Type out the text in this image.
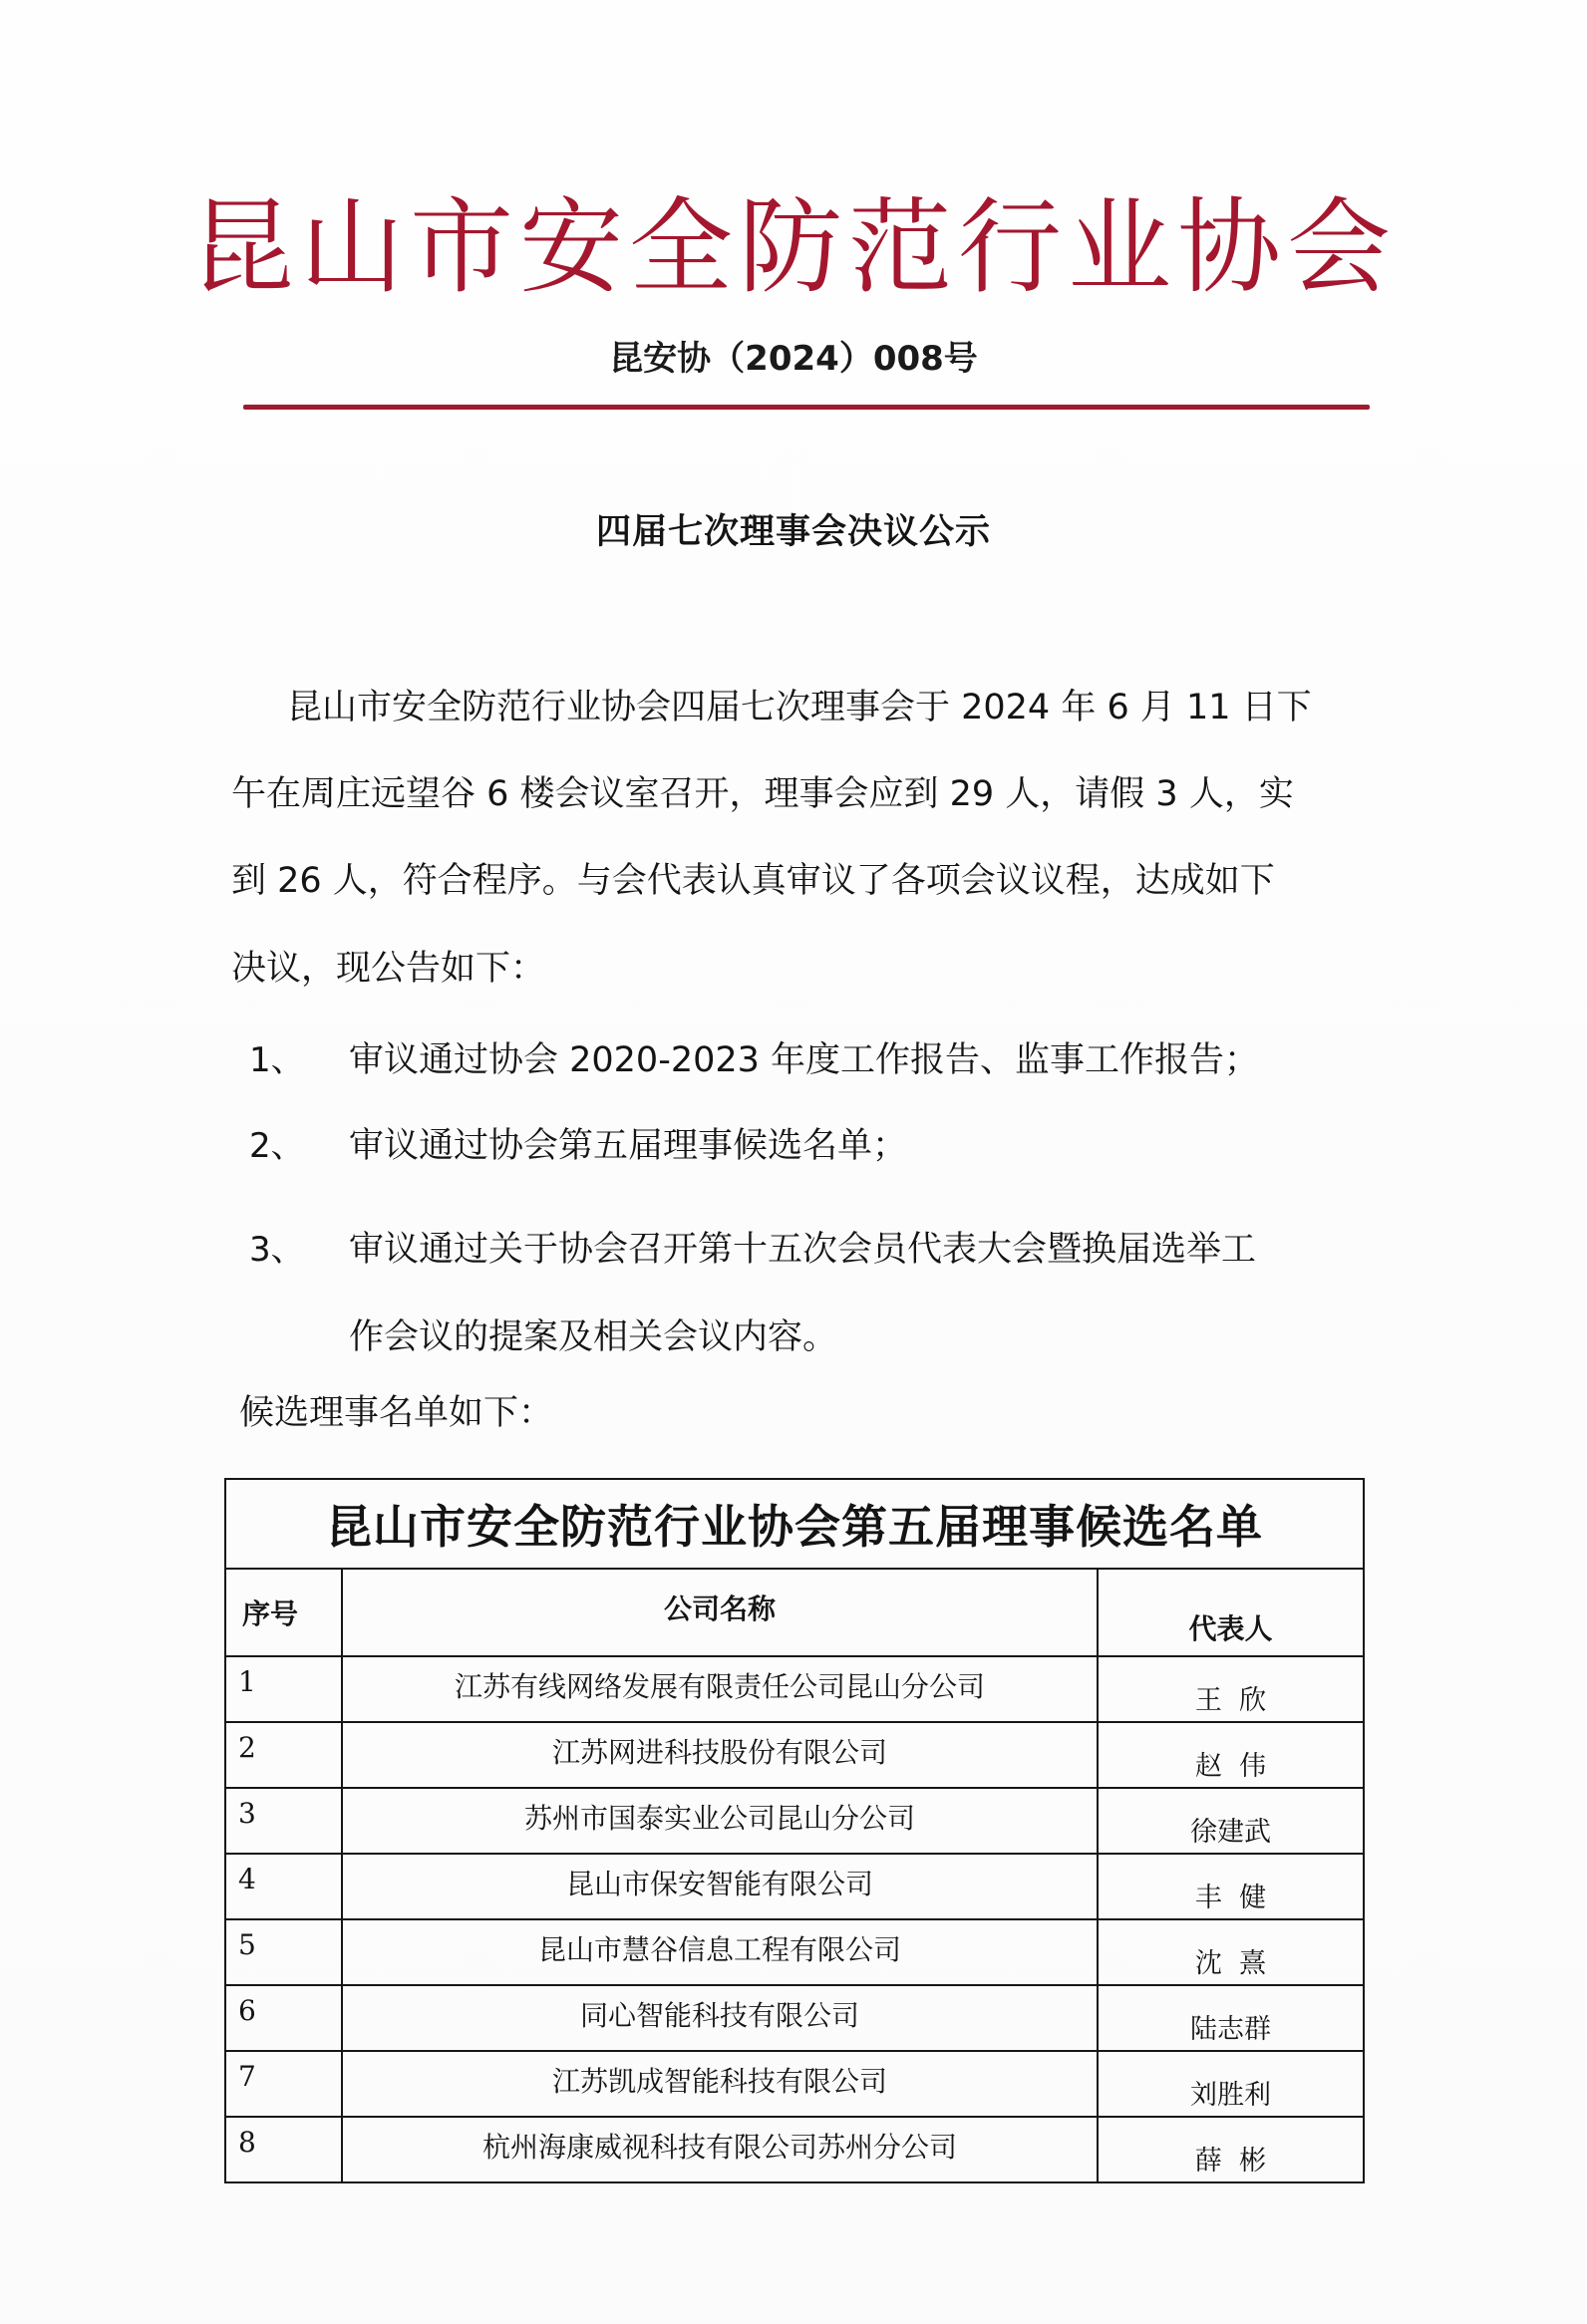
昆山市安全防范行业协会
昆安协（2024）008号
四届七次理事会决议公示
昆山市安全防范行业协会四届七次理事会于 2024 年 6 月 11 日下
午在周庄远望谷 6 楼会议室召开，理事会应到 29 人，请假 3 人，实
到 26 人，符合程序。与会代表认真审议了各项会议议程，达成如下
决议，现公告如下：
1、 审议通过协会 2020-2023 年度工作报告、监事工作报告；
2、 审议通过协会第五届理事候选名单；
3、 审议通过关于协会召开第十五次会员代表大会暨换届选举工
作会议的提案及相关会议内容。
候选理事名单如下：
昆山市安全防范行业协会第五届理事候选名单		
序号	公司名称	代表人
1	江苏有线网络发展有限责任公司昆山分公司	王  欣
2	江苏网进科技股份有限公司	赵  伟
3	苏州市国泰实业公司昆山分公司	徐建武
4	昆山市保安智能有限公司	丰  健
5	昆山市慧谷信息工程有限公司	沈  熹
6	同心智能科技有限公司	陆志群
7	江苏凯成智能科技有限公司	刘胜利
8	杭州海康威视科技有限公司苏州分公司	薛  彬
